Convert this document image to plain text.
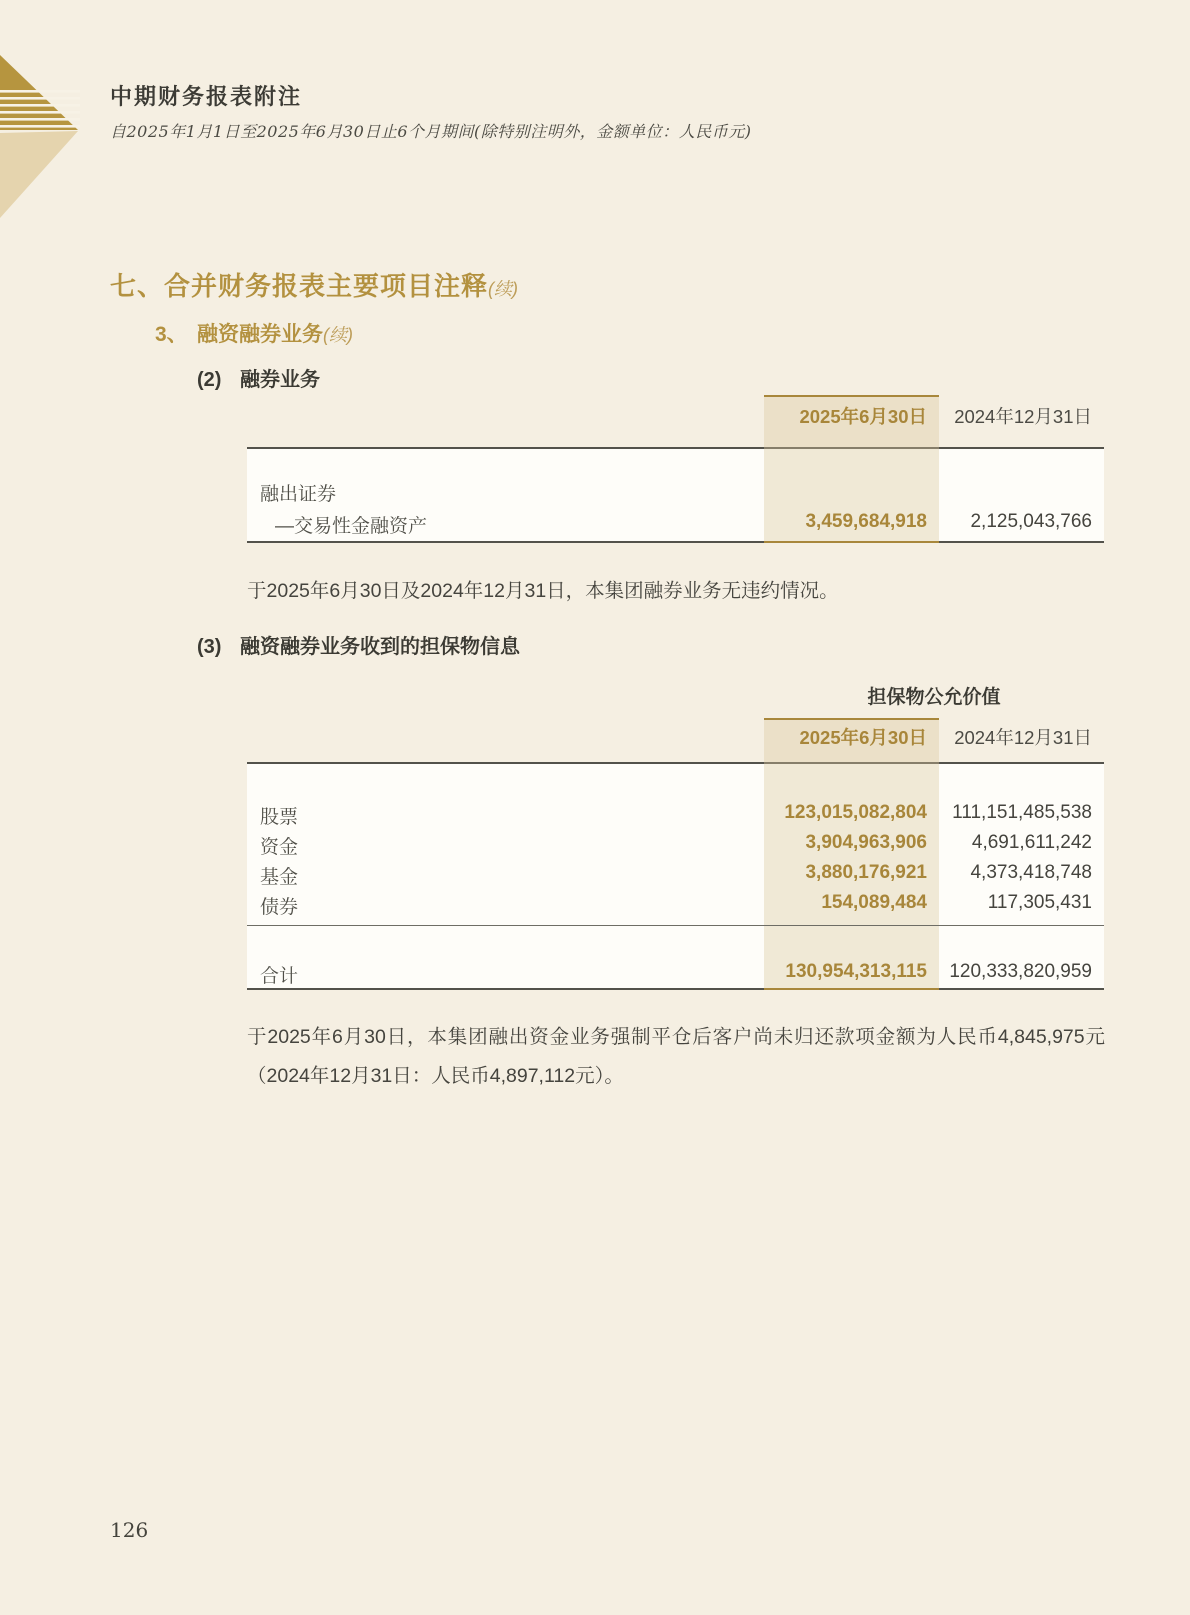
中期财务报表附注
自2025年1月1日至2025年6月30日止6个月期间(除特别注明外，金额单位：人民币元)
七、合并财务报表主要项目注释(续)
3、 融资融券业务(续)
(2) 融券业务
2025年6月30日	2024年12月31日
融出证券
—交易性金融资产	3,459,684,918	2,125,043,766
于2025年6月30日及2024年12月31日，本集团融券业务无违约情况。
(3) 融资融券业务收到的担保物信息
担保物公允价值
2025年6月30日	2024年12月31日
股票	123,015,082,804	111,151,485,538
资金	3,904,963,906	4,691,611,242
基金	3,880,176,921	4,373,418,748
债券	154,089,484	117,305,431
合计	130,954,313,115	120,333,820,959
于2025年6月30日，本集团融出资金业务强制平仓后客户尚未归还款项金额为人民币4,845,975元（2024年12月31日：人民币4,897,112元）。
126
